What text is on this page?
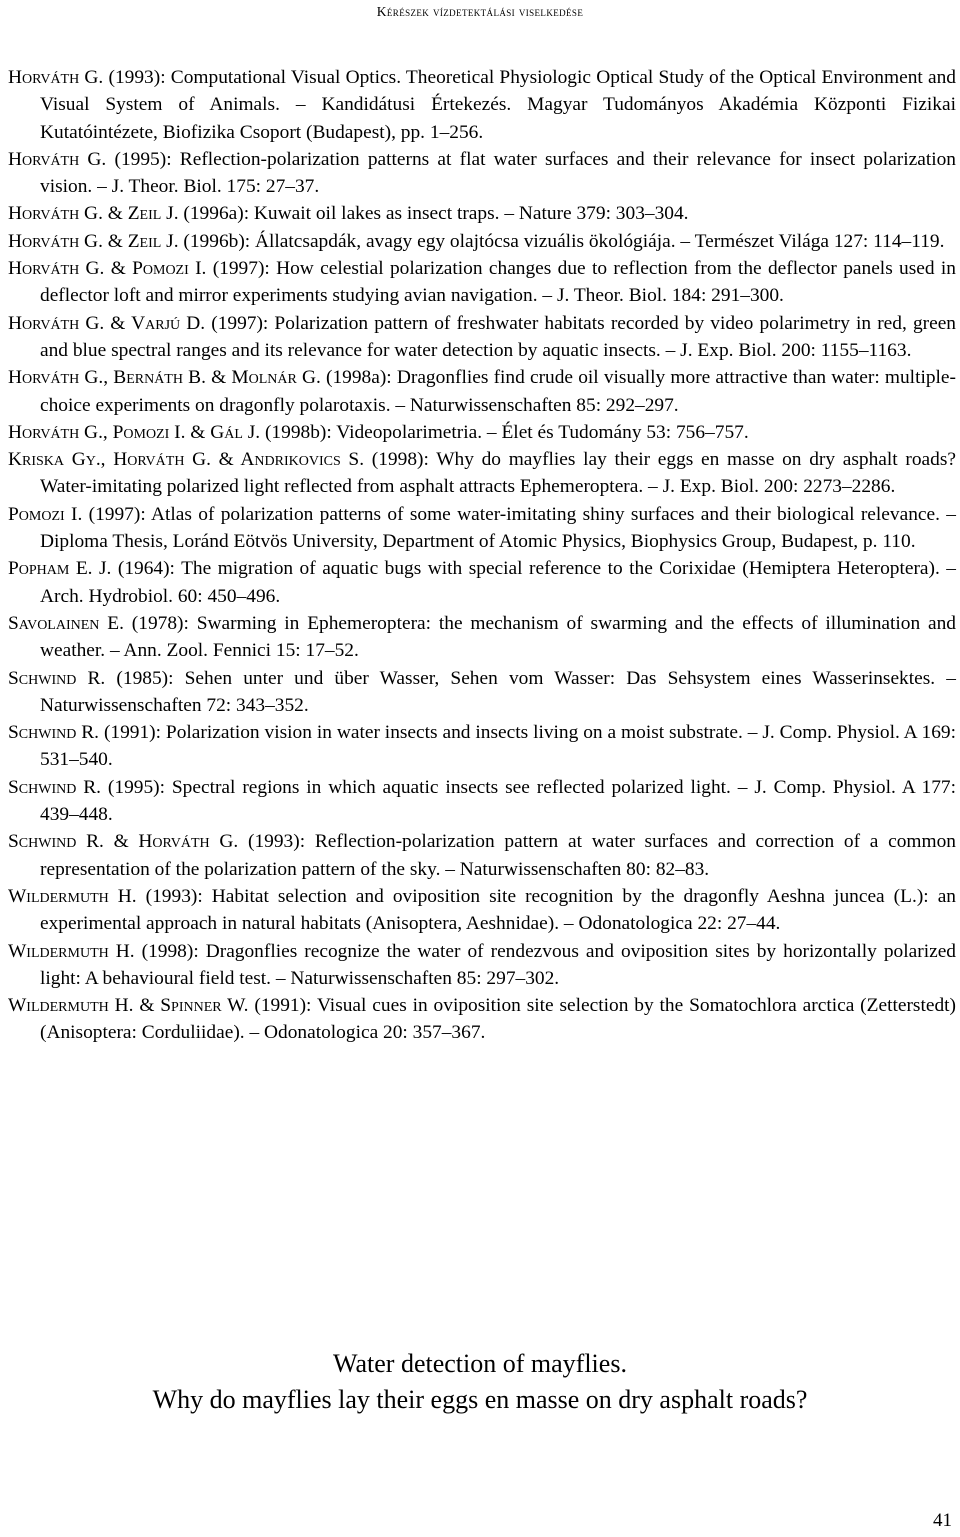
Kérészek vízdetektálási viselkedése
Horváth G. (1993): Computational Visual Optics. Theoretical Physiologic Optical Study of the Optical Environment and Visual System of Animals. – Kandidátusi Értekezés. Magyar Tudományos Akadémia Központi Fizikai Kutatóintézete, Biofizika Csoport (Budapest), pp. 1–256.
Horváth G. (1995): Reflection-polarization patterns at flat water surfaces and their relevance for insect polarization vision. – J. Theor. Biol. 175: 27–37.
Horváth G. & Zeil J. (1996a): Kuwait oil lakes as insect traps. – Nature 379: 303–304.
Horváth G. & Zeil J. (1996b): Állatcsapdák, avagy egy olajtócsa vizuális ökológiája. – Természet Világa 127: 114–119.
Horváth G. & Pomozi I. (1997): How celestial polarization changes due to reflection from the deflector panels used in deflector loft and mirror experiments studying avian navigation. – J. Theor. Biol. 184: 291–300.
Horváth G. & Varjú D. (1997): Polarization pattern of freshwater habitats recorded by video polarimetry in red, green and blue spectral ranges and its relevance for water detection by aquatic insects. – J. Exp. Biol. 200: 1155–1163.
Horváth G., Bernáth B. & Molnár G. (1998a): Dragonflies find crude oil visually more attractive than water: multiple-choice experiments on dragonfly polarotaxis. – Naturwissenschaften 85: 292–297.
Horváth G., Pomozi I. & Gál J. (1998b): Videopolarimetria. – Élet és Tudomány 53: 756–757.
Kriska Gy., Horváth G. & Andrikovics S. (1998): Why do mayflies lay their eggs en masse on dry asphalt roads? Water-imitating polarized light reflected from asphalt attracts Ephemeroptera. – J. Exp. Biol. 200: 2273–2286.
Pomozi I. (1997): Atlas of polarization patterns of some water-imitating shiny surfaces and their biological relevance. – Diploma Thesis, Loránd Eötvös University, Department of Atomic Physics, Biophysics Group, Budapest, p. 110.
Popham E. J. (1964): The migration of aquatic bugs with special reference to the Corixidae (Hemiptera Heteroptera). – Arch. Hydrobiol. 60: 450–496.
Savolainen E. (1978): Swarming in Ephemeroptera: the mechanism of swarming and the effects of illumination and weather. – Ann. Zool. Fennici 15: 17–52.
Schwind R. (1985): Sehen unter und über Wasser, Sehen vom Wasser: Das Sehsystem eines Wasserinsektes. – Naturwissenschaften 72: 343–352.
Schwind R. (1991): Polarization vision in water insects and insects living on a moist substrate. – J. Comp. Physiol. A 169: 531–540.
Schwind R. (1995): Spectral regions in which aquatic insects see reflected polarized light. – J. Comp. Physiol. A 177: 439–448.
Schwind R. & Horváth G. (1993): Reflection-polarization pattern at water surfaces and correction of a common representation of the polarization pattern of the sky. – Naturwissenschaften 80: 82–83.
Wildermuth H. (1993): Habitat selection and oviposition site recognition by the dragonfly Aeshna juncea (L.): an experimental approach in natural habitats (Anisoptera, Aeshnidae). – Odonatologica 22: 27–44.
Wildermuth H. (1998): Dragonflies recognize the water of rendezvous and oviposition sites by horizontally polarized light: A behavioural field test. – Naturwissenschaften 85: 297–302.
Wildermuth H. & Spinner W. (1991): Visual cues in oviposition site selection by the Somatochlora arctica (Zetterstedt) (Anisoptera: Corduliidae). – Odonatologica 20: 357–367.
Water detection of mayflies.
Why do mayflies lay their eggs en masse on dry asphalt roads?
41
